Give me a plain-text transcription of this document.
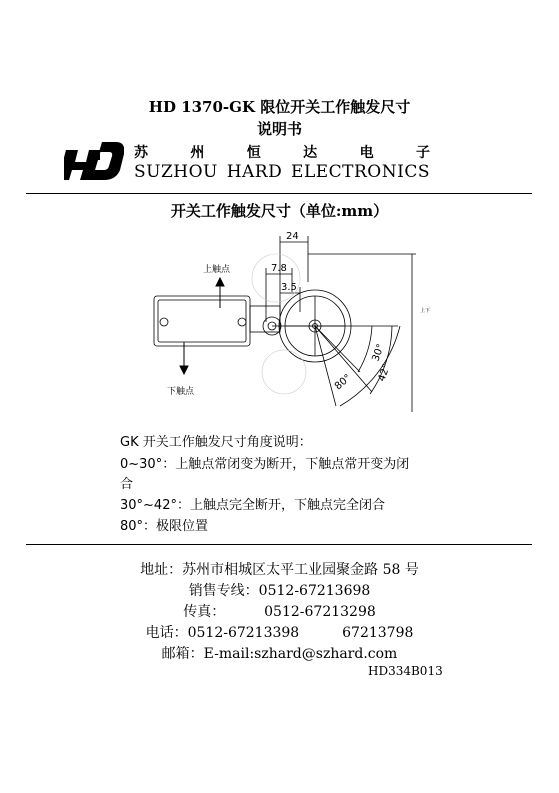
HD 1370-GK 限位开关工作触发尺寸
说明书
苏	州	恒	达	电	子
SUZHOU HARD ELECTRONICS
开关工作触发尺寸（单位:mm）
上触点
下触点
24
7.8
3.5
上下
30°
42°
80°
GK 开关工作触发尺寸角度说明：
0~30°：上触点常闭变为断开，下触点常开变为闭
合
30°~42°：上触点完全断开，下触点完全闭合
80°：极限位置
地址：苏州市相城区太平工业园聚金路 58 号
销售专线：0512-67213698
传真：	0512-67213298
电话：0512-67213398	67213798
邮箱：E-mail:szhard@szhard.com
HD334B013
